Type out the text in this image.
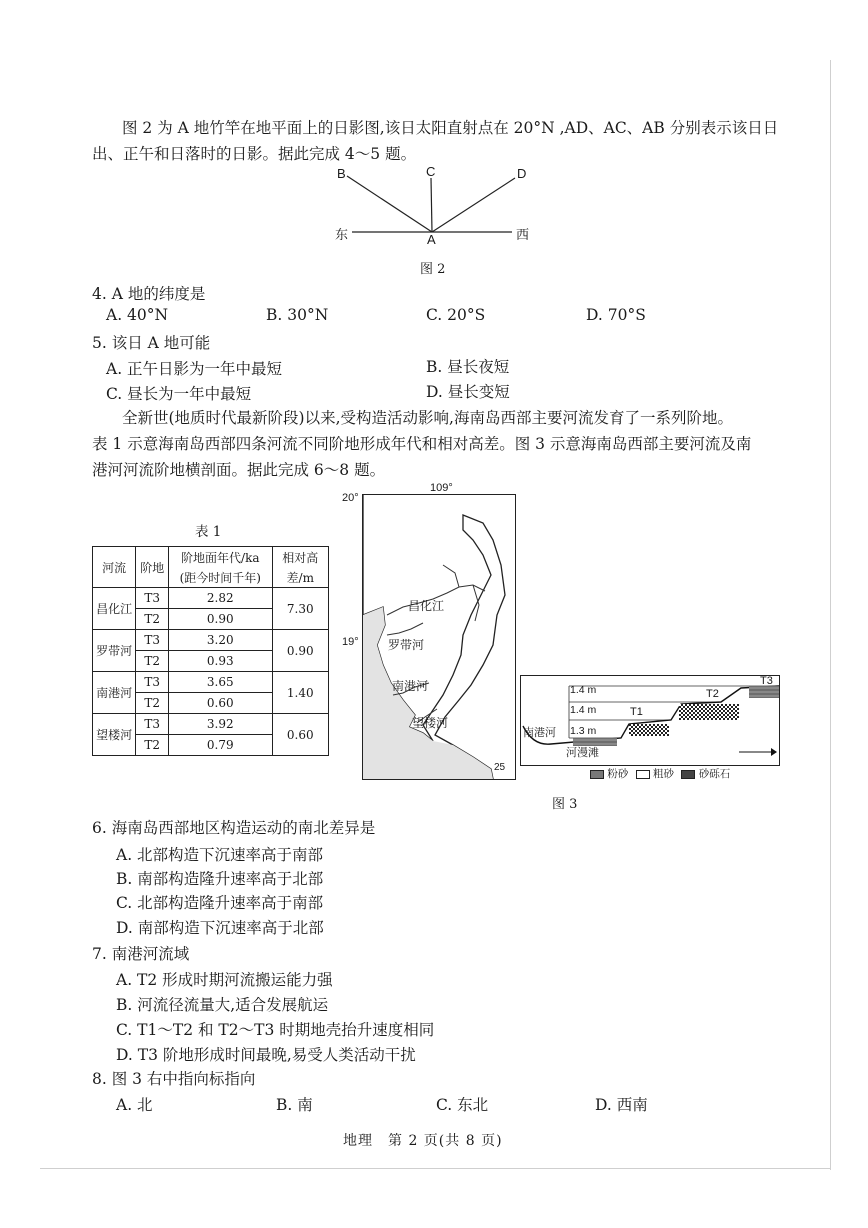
图 2 为 A 地竹竿在地平面上的日影图,该日太阳直射点在 20°N ,AD、AC、AB 分别表示该日日
出、正午和日落时的日影。据此完成 4～5 题。
B	C	D
A
东	西
图 2
4. A 地的纬度是
A. 40°N	B. 30°N	C. 20°S	D. 70°S
5. 该日 A 地可能
A. 正午日影为一年中最短	B. 昼长夜短
C. 昼长为一年中最短	D. 昼长变短
全新世(地质时代最新阶段)以来,受构造活动影响,海南岛西部主要河流发育了一系列阶地。
表 1 示意海南岛西部四条河流不同阶地形成年代和相对高差。图 3 示意海南岛西部主要河流及南
港河河流阶地横剖面。据此完成 6～8 题。
表 1
河流	阶地	阶地面年代/ka	相对高
		(距今时间千年)	差/m
昌化江	T3	2.82	7.30
	T2	0.90	
罗带河	T3	3.20	0.90
	T2	0.93	
南港河	T3	3.65	1.40
	T2	0.60	
望楼河	T3	3.92	0.60
	T2	0.79	
109°
20°
19°
昌化江
罗带河
南港河
望楼河
25
1.4 m
1.4 m
1.3 m
T1
T2
T3
南港河
河漫滩
粉砂 粗砂 砂砾石
图 3
6. 海南岛西部地区构造运动的南北差异是
A. 北部构造下沉速率高于南部
B. 南部构造隆升速率高于北部
C. 北部构造隆升速率高于南部
D. 南部构造下沉速率高于北部
7. 南港河流域
A. T2 形成时期河流搬运能力强
B. 河流径流量大,适合发展航运
C. T1～T2 和 T2～T3 时期地壳抬升速度相同
D. T3 阶地形成时间最晚,易受人类活动干扰
8. 图 3 右中指向标指向
A. 北	B. 南	C. 东北	D. 西南
地理　第 2 页(共 8 页)
